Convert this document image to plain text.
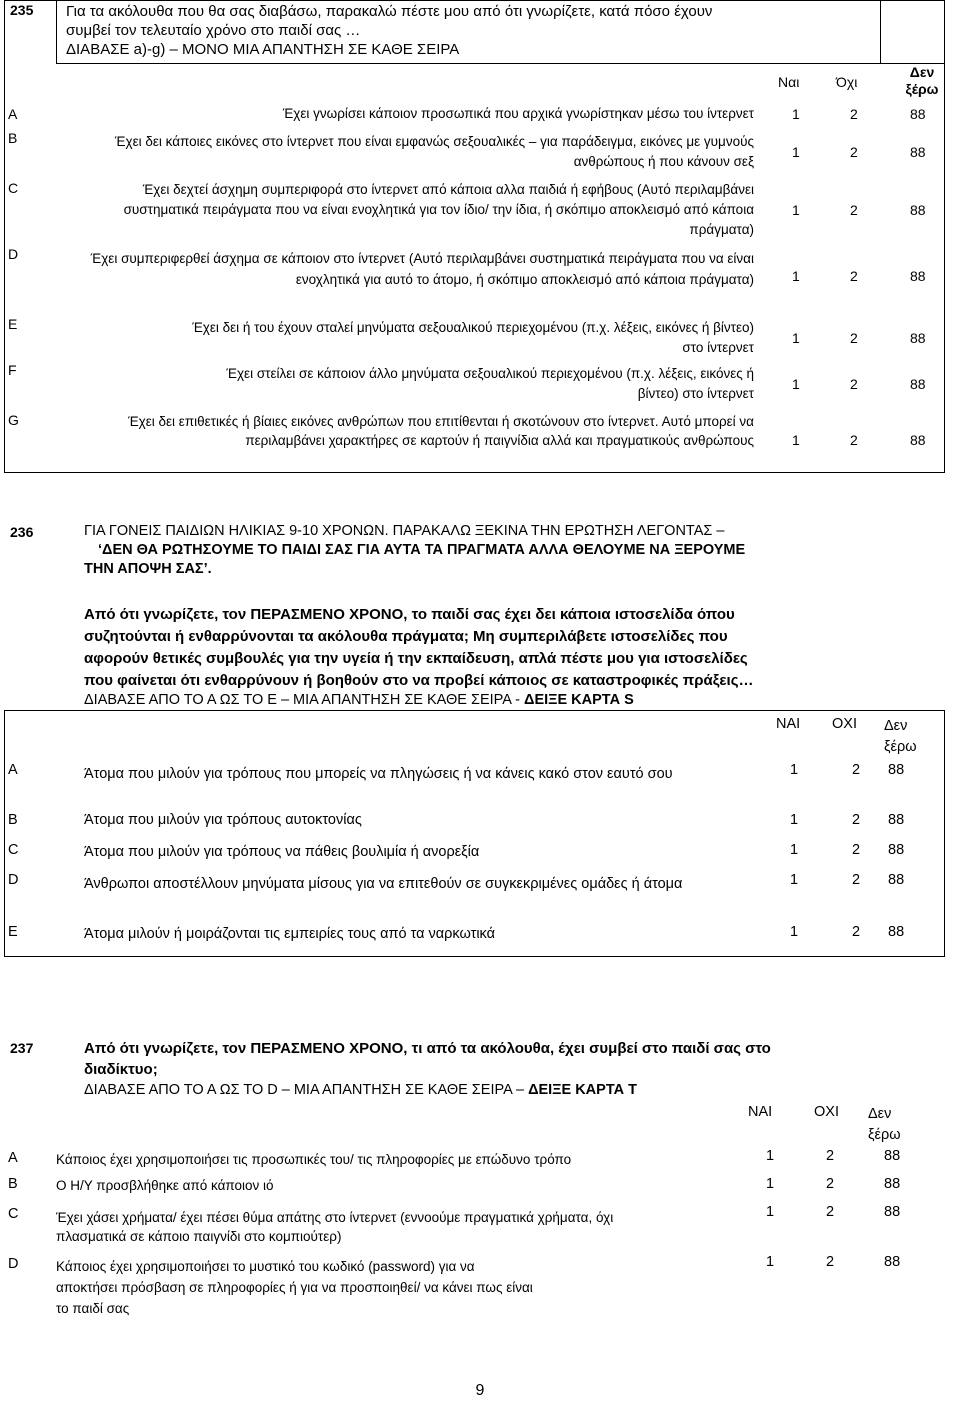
235 Για τα ακόλουθα που θα σας διαβάσω, παρακαλώ πέστε μου από ότι γνωρίζετε, κατά πόσο έχουν
συμβεί τον τελευταίο χρόνο στο παιδί σας …
ΔΙΑΒΑΣΕ a)-g) – ΜΟΝΟ ΜΙΑ ΑΠΑΝΤΗΣΗ ΣΕ ΚΑΘΕ ΣΕΙΡΑ
Ναι	Όχι
Δεν ξέρω
A	Έχει γνωρίσει κάποιον προσωπικά που αρχικά γνωρίστηκαν μέσω του ίντερνετ	1	2	88
B	Έχει δει κάποιες εικόνες στο ίντερνετ που είναι εμφανώς σεξουαλικές – για παράδειγμα, εικόνες με γυμνούς ανθρώπους ή που κάνουν σεξ
1	2	88
C	Έχει δεχτεί άσχημη συμπεριφορά στο ίντερνετ από κάποια αλλα παιδιά ή εφήβους (Αυτό περιλαμβάνει συστηματικά πειράγματα που να είναι ενοχλητικά για τον ίδιο/ την ίδια, ή σκόπιμο αποκλεισμό από κάποια πράγματα)
1	2	88
D	Έχει συμπεριφερθεί άσχημα σε κάποιον στο ίντερνετ (Αυτό περιλαμβάνει συστηματικά πειράγματα που να είναι ενοχλητικά για αυτό το άτομο, ή σκόπιμο αποκλεισμό από κάποια πράγματα)	1	2	88
E	Έχει δει ή του έχουν σταλεί μηνύματα σεξουαλικού περιεχομένου (π.χ. λέξεις, εικόνες ή βίντεο) στο ίντερνετ
1	2	88
F	Έχει στείλει σε κάποιον άλλο μηνύματα σεξουαλικού περιεχομένου (π.χ. λέξεις, εικόνες ή βίντεο) στο ίντερνετ
1	2	88
G	Έχει δει επιθετικές ή βίαιες εικόνες ανθρώπων που επιτίθενται ή σκοτώνουν στο ίντερνετ. Αυτό μπορεί να περιλαμβάνει χαρακτήρες σε καρτούν ή παιγνίδια αλλά και πραγματικούς ανθρώπους	1	2	88
236	ΓΙΑ ΓΟΝΕΙΣ ΠΑΙΔΙΩΝ ΗΛΙΚΙΑΣ 9-10 ΧΡΟΝΩΝ. ΠΑΡΑΚΑΛΩ ΞΕΚΙΝΑ ΤΗΝ ΕΡΩΤΗΣΗ ΛΕΓΟΝΤΑΣ –
‘ΔΕΝ ΘΑ ΡΩΤΗΣΟΥΜΕ ΤΟ ΠΑΙΔΙ ΣΑΣ ΓΙΑ ΑΥΤΑ ΤΑ ΠΡΑΓΜΑΤΑ ΑΛΛΑ ΘΕΛΟΥΜΕ ΝΑ ΞΕΡΟΥΜΕ
ΤΗΝ ΑΠΟΨΗ ΣΑΣ’.
Από ότι γνωρίζετε, τον ΠΕΡΑΣΜΕΝΟ ΧΡΟΝΟ, το παιδί σας έχει δει κάποια ιστοσελίδα όπου
συζητούνται ή ενθαρρύνονται τα ακόλουθα πράγματα; Μη συμπεριλάβετε ιστοσελίδες που
αφορούν θετικές συμβουλές για την υγεία ή την εκπαίδευση, απλά πέστε μου για ιστοσελίδες
που φαίνεται ότι ενθαρρύνουν ή βοηθούν στο να προβεί κάποιος σε καταστροφικές πράξεις…
ΔΙΑΒΑΣΕ ΑΠΟ ΤΟ Α ΩΣ ΤΟ Ε – ΜΙΑ ΑΠΑΝΤΗΣΗ ΣΕ ΚΑΘΕ ΣΕΙΡΑ - ΔΕΙΞΕ ΚΑΡΤΑ S
ΝΑΙ ΟΧΙ Δεν ξέρω
A	Άτομα που μιλούν για τρόπους που μπορείς να πληγώσεις ή να κάνεις κακό στον εαυτό σου	1	2 88
B	Άτομα που μιλούν για τρόπους αυτοκτονίας	1	2 88
C	Άτομα που μιλούν για τρόπους να πάθεις βουλιμία ή ανορεξία	1	2 88
D	Άνθρωποι αποστέλλουν μηνύματα μίσους για να επιτεθούν σε συγκεκριμένες ομάδες ή άτομα	1	2 88
E	Άτομα μιλούν ή μοιράζονται τις εμπειρίες τους από τα ναρκωτικά	1	2 88
237	Από ότι γνωρίζετε, τον ΠΕΡΑΣΜΕΝΟ ΧΡΟΝΟ, τι από τα ακόλουθα, έχει συμβεί στο παιδί σας στο
διαδίκτυο;
ΔΙΑΒΑΣΕ ΑΠΟ ΤΟ Α ΩΣ ΤΟ D – ΜΙΑ ΑΠΑΝΤΗΣΗ ΣΕ ΚΑΘΕ ΣΕΙΡΑ – ΔΕΙΞΕ ΚΑΡΤΑ T
ΝΑΙ	ΟΧΙ Δεν ξέρω
A	Κάποιος έχει χρησιμοποιήσει τις προσωπικές του/ τις πληροφορίες με επώδυνο τρόπο	1	2	88
B	Ο Η/Υ προσβλήθηκε από κάποιον ιό	1	2	88
C	Έχει χάσει χρήματα/ έχει πέσει θύμα απάτης στο ίντερνετ (εννοούμε πραγματικά χρήματα, όχι πλασματικά σε κάποιο παιγνίδι στο κομπιούτερ)
1	2	88
D	Κάποιος έχει χρησιμοποιήσει το μυστικό του κωδικό (password) για να αποκτήσει πρόσβαση σε πληροφορίες ή για να προσποιηθεί/ να κάνει πως είναι το παιδί σας
1	2	88
9
